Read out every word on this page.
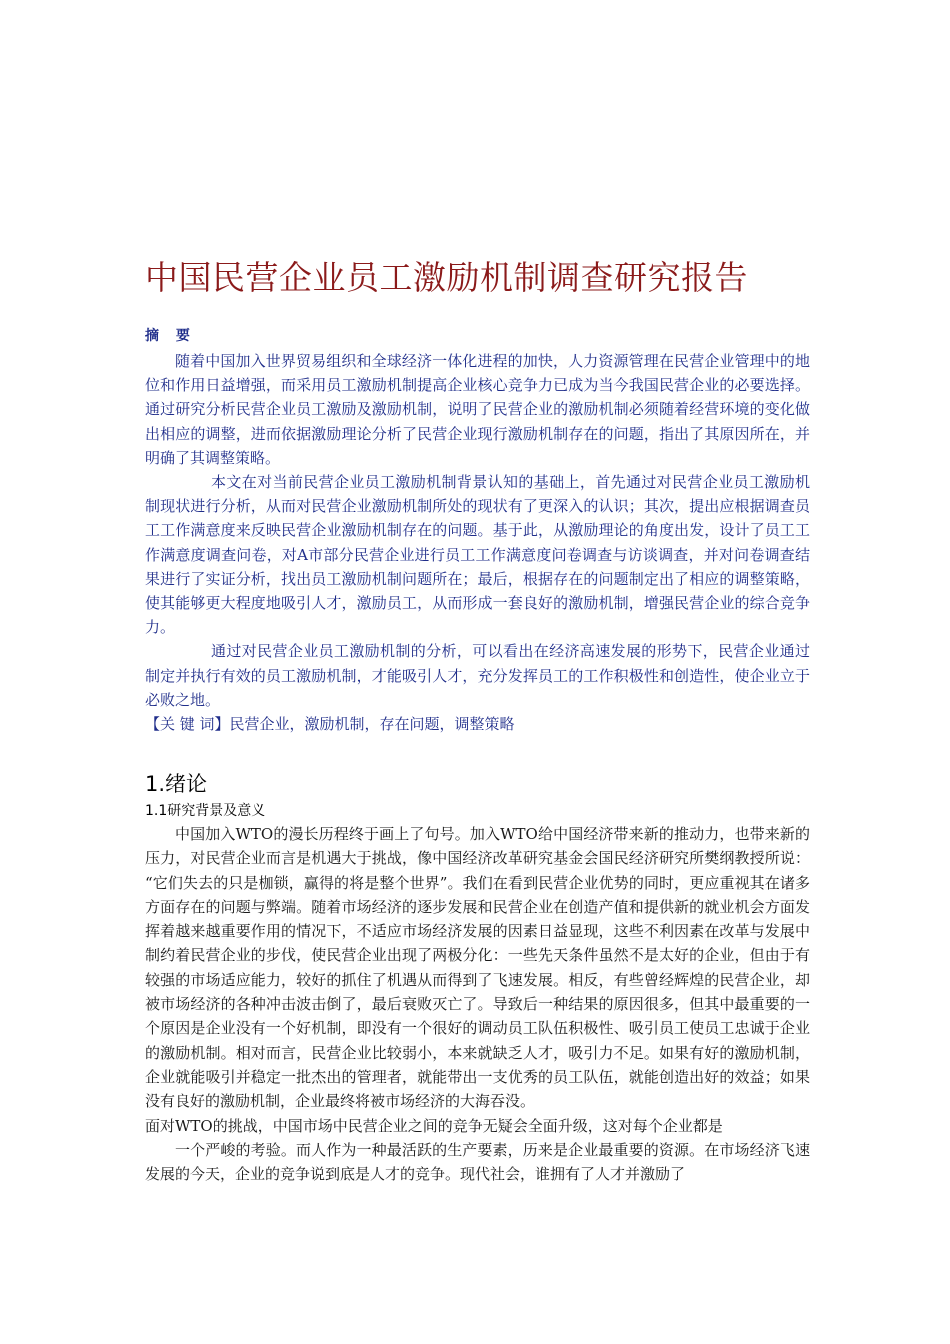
中国民营企业员工激励机制调查研究报告
摘 要

随着中国加入世界贸易组织和全球经济一体化进程的加快，人力资源管理在民营企业管理中的地位和作用日益增强，而采用员工激励机制提高企业核心竞争力已成为当今我国民营企业的必要选择。通过研究分析民营企业员工激励及激励机制，说明了民营企业的激励机制必须随着经营环境的变化做出相应的调整，进而依据激励理论分析了民营企业现行激励机制存在的问题，指出了其原因所在，并明确了其调整策略。

本文在对当前民营企业员工激励机制背景认知的基础上，首先通过对民营企业员工激励机制现状进行分析，从而对民营企业激励机制所处的现状有了更深入的认识；其次，提出应根据调查员工工作满意度来反映民营企业激励机制存在的问题。基于此，从激励理论的角度出发，设计了员工工作满意度调查问卷，对A市部分民营企业进行员工工作满意度问卷调查与访谈调查，并对问卷调查结果进行了实证分析，找出员工激励机制问题所在；最后，根据存在的问题制定出了相应的调整策略，使其能够更大程度地吸引人才，激励员工，从而形成一套良好的激励机制，增强民营企业的综合竞争力。

通过对民营企业员工激励机制的分析，可以看出在经济高速发展的形势下，民营企业通过制定并执行有效的员工激励机制，才能吸引人才，充分发挥员工的工作积极性和创造性，使企业立于必败之地。

【关 键 词】民营企业，激励机制，存在问题，调整策略

1.绪论
1.1研究背景及意义

中国加入WTO的漫长历程终于画上了句号。加入WTO给中国经济带来新的推动力，也带来新的压力，对民营企业而言是机遇大于挑战，像中国经济改革研究基金会国民经济研究所樊纲教授所说： “它们失去的只是枷锁，赢得的将是整个世界”。我们在看到民营企业优势的同时，更应重视其在诸多方面存在的问题与弊端。随着市场经济的逐步发展和民营企业在创造产值和提供新的就业机会方面发挥着越来越重要作用的情况下，不适应市场经济发展的因素日益显现，这些不利因素在改革与发展中制约着民营企业的步伐，使民营企业出现了两极分化：一些先天条件虽然不是太好的企业，但由于有较强的市场适应能力，较好的抓住了机遇从而得到了飞速发展。相反，有些曾经辉煌的民营企业，却被市场经济的各种冲击波击倒了，最后衰败灭亡了。导致后一种结果的原因很多，但其中最重要的一个原因是企业没有一个好机制，即没有一个很好的调动员工队伍积极性、吸引员工使员工忠诚于企业的激励机制。相对而言，民营企业比较弱小，本来就缺乏人才，吸引力不足。如果有好的激励机制，企业就能吸引并稳定一批杰出的管理者，就能带出一支优秀的员工队伍，就能创造出好的效益；如果没有良好的激励机制，企业最终将被市场经济的大海吞没。

面对WTO的挑战，中国市场中民营企业之间的竞争无疑会全面升级，这对每个企业都是

一个严峻的考验。而人作为一种最活跃的生产要素，历来是企业最重要的资源。在市场经济飞速发展的今天，企业的竞争说到底是人才的竞争。现代社会，谁拥有了人才并激励了
